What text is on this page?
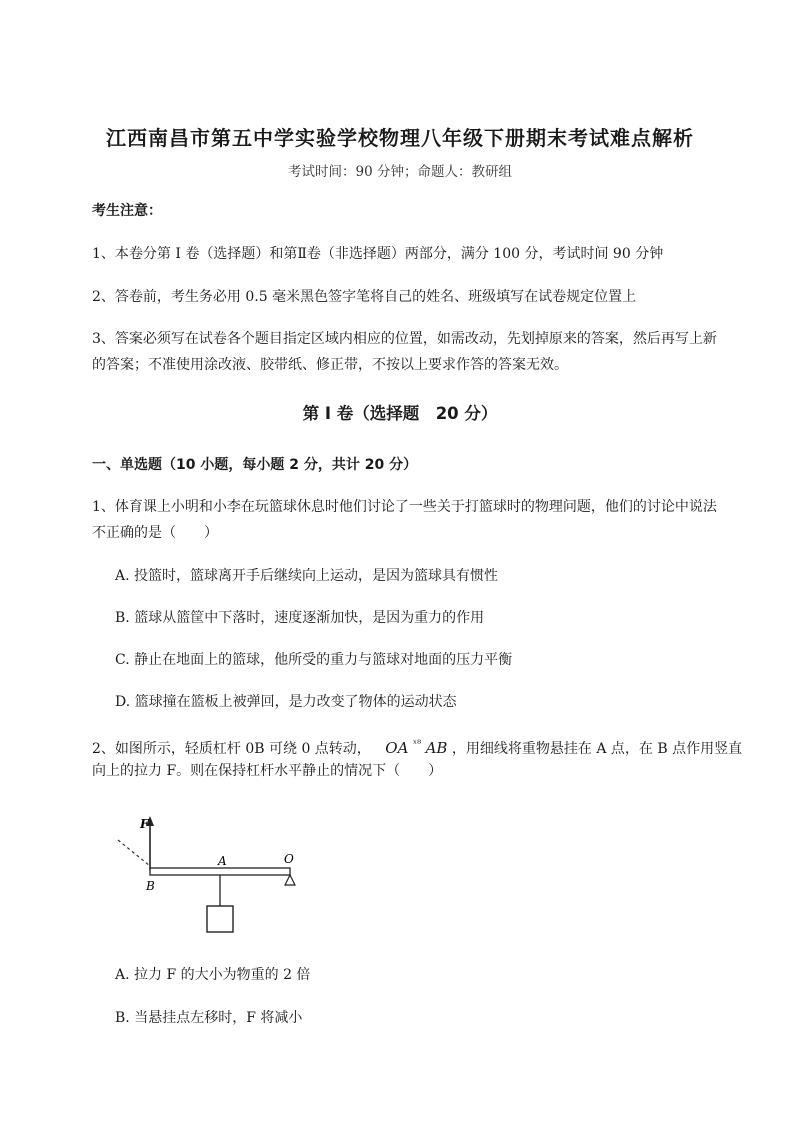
江西南昌市第五中学实验学校物理八年级下册期末考试难点解析
考试时间：90 分钟；命题人：教研组
考生注意：
1、本卷分第 I 卷（选择题）和第Ⅱ卷（非选择题）两部分，满分 100 分，考试时间 90 分钟
2、答卷前，考生务必用 0.5 毫米黑色签字笔将自己的姓名、班级填写在试卷规定位置上
3、答案必须写在试卷各个题目指定区域内相应的位置，如需改动，先划掉原来的答案，然后再写上新
的答案；不准使用涂改液、胶带纸、修正带，不按以上要求作答的答案无效。
第 I 卷（选择题　20 分）
一、单选题（10 小题，每小题 2 分，共计 20 分）
1、体育课上小明和小李在玩篮球休息时他们讨论了一些关于打篮球时的物理问题，他们的讨论中说法
不正确的是（　　）
A. 投篮时，篮球离开手后继续向上运动，是因为篮球具有惯性
B. 篮球从篮筐中下落时，速度逐渐加快，是因为重力的作用
C. 静止在地面上的篮球，他所受的重力与篮球对地面的压力平衡
D. 篮球撞在篮板上被弹回，是力改变了物体的运动状态
2、如图所示，轻质杠杆 0B 可绕 0 点转动， OA $^{ˣ^8}$ AB ，用细线将重物悬挂在 A 点，在 B 点作用竖直
向上的拉力 F。则在保持杠杆水平静止的情况下（　　）
F
A	O
B
A. 拉力 F 的大小为物重的 2 倍
B. 当悬挂点左移时，F 将减小
